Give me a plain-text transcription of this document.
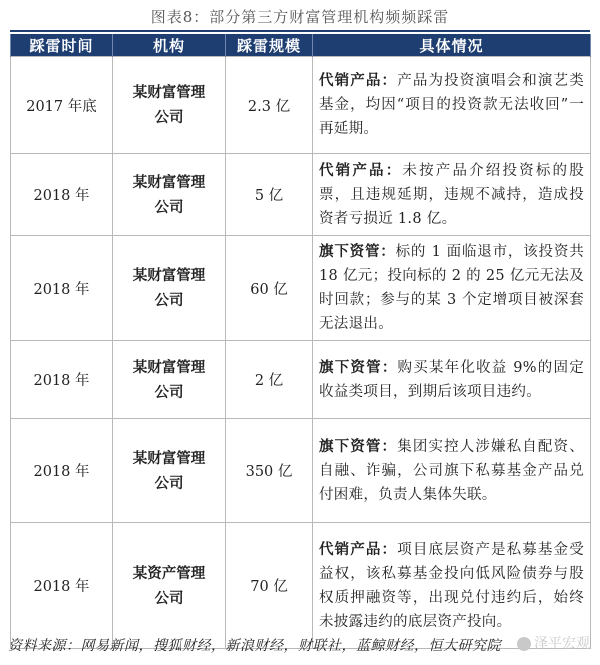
图表8：部分第三方财富管理机构频频踩雷
踩雷时间	机构	踩雷规模	具体情况
2017 年底	某财富管理公司	2.3 亿	代销产品：产品为投资演唱会和演艺类基金，均因“项目的投资款无法收回”一再延期。
2018 年	某财富管理公司	5 亿	代销产品：未按产品介绍投资标的股票，且违规延期，违规不减持，造成投资者亏损近 1.8 亿。
2018 年	某财富管理公司	60 亿	旗下资管：标的 1 面临退市，该投资共 18 亿元；投向标的 2 的 25 亿元无法及时回款；参与的某 3 个定增项目被深套无法退出。
2018 年	某财富管理公司	2 亿	旗下资管：购买某年化收益 9%的固定收益类项目，到期后该项目违约。
2018 年	某财富管理公司	350 亿	旗下资管：集团实控人涉嫌私自配资、自融、诈骗，公司旗下私募基金产品兑付困难，负责人集体失联。
2018 年	某资产管理公司	70 亿	代销产品：项目底层资产是私募基金受益权，该私募基金投向低风险债券与股权质押融资等，出现兑付违约后，始终未披露违约的底层资产投向。
资料来源：网易新闻，搜狐财经，新浪财经，财联社，蓝鲸财经，恒大研究院	泽平宏观
